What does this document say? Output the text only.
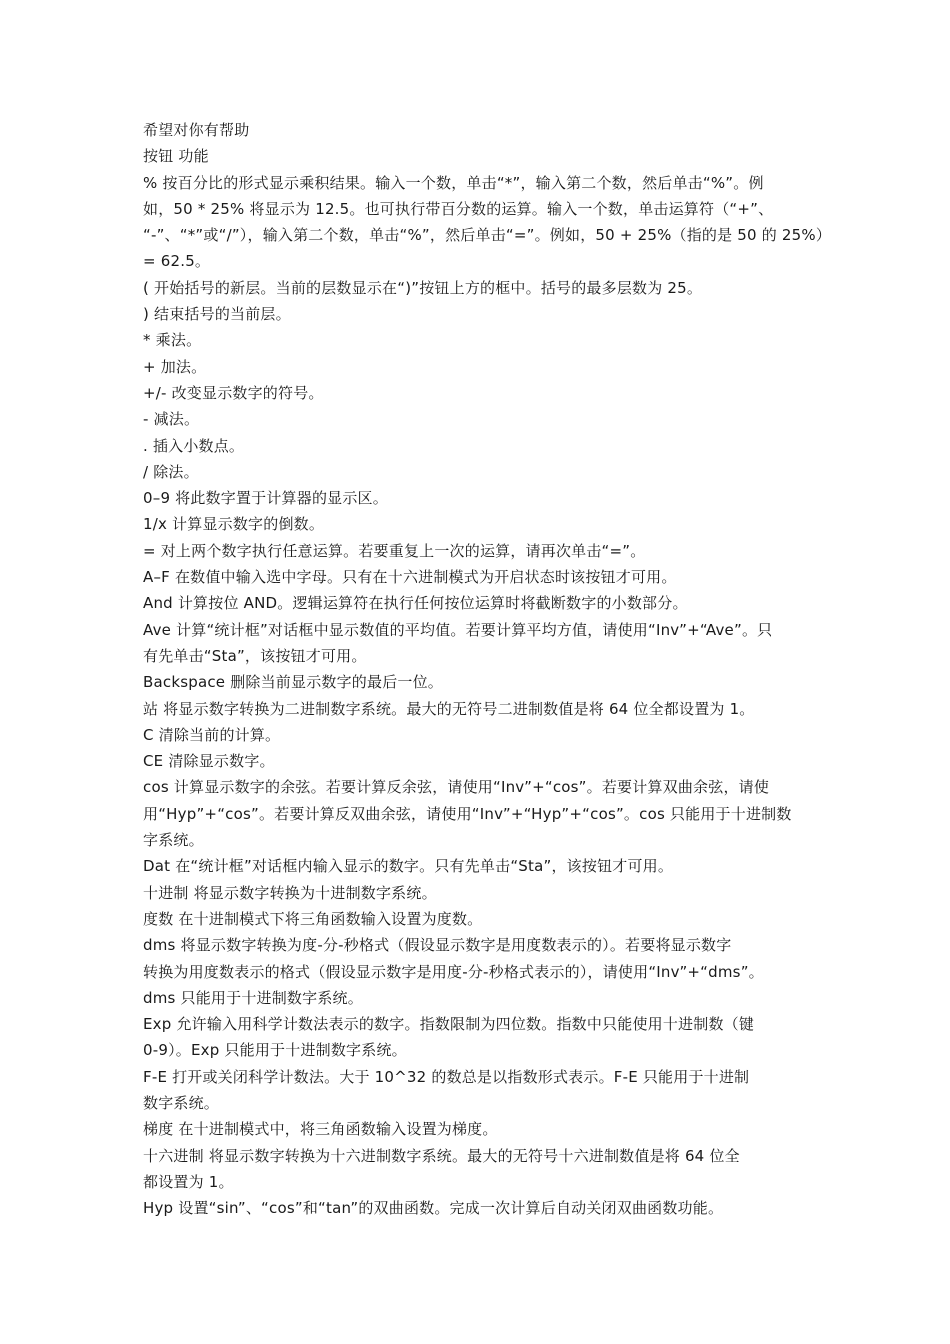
希望对你有帮助
按钮 功能
% 按百分比的形式显示乘积结果。输入一个数，单击“*”，输入第二个数，然后单击“%”。例
如，50 * 25% 将显示为 12.5。也可执行带百分数的运算。输入一个数，单击运算符（“+”、
“-”、“*”或“/”），输入第二个数，单击“%”，然后单击“=”。例如，50 + 25%（指的是 50 的 25%）
= 62.5。
( 开始括号的新层。当前的层数显示在“)”按钮上方的框中。括号的最多层数为 25。
) 结束括号的当前层。
* 乘法。
+ 加法。
+/- 改变显示数字的符号。
- 减法。
. 插入小数点。
/ 除法。
0–9 将此数字置于计算器的显示区。
1/x 计算显示数字的倒数。
= 对上两个数字执行任意运算。若要重复上一次的运算，请再次单击“=”。
A–F 在数值中输入选中字母。只有在十六进制模式为开启状态时该按钮才可用。
And 计算按位 AND。逻辑运算符在执行任何按位运算时将截断数字的小数部分。
Ave 计算“统计框”对话框中显示数值的平均值。若要计算平均方值，请使用“Inv”+“Ave”。只
有先单击“Sta”，该按钮才可用。
Backspace 删除当前显示数字的最后一位。
站 将显示数字转换为二进制数字系统。最大的无符号二进制数值是将 64 位全都设置为 1。
C 清除当前的计算。
CE 清除显示数字。
cos 计算显示数字的余弦。若要计算反余弦，请使用“Inv”+“cos”。若要计算双曲余弦，请使
用“Hyp”+“cos”。若要计算反双曲余弦，请使用“Inv”+“Hyp”+“cos”。cos 只能用于十进制数
字系统。
Dat 在“统计框”对话框内输入显示的数字。只有先单击“Sta”，该按钮才可用。
十进制 将显示数字转换为十进制数字系统。
度数 在十进制模式下将三角函数输入设置为度数。
dms 将显示数字转换为度-分-秒格式（假设显示数字是用度数表示的）。若要将显示数字
转换为用度数表示的格式（假设显示数字是用度-分-秒格式表示的），请使用“Inv”+“dms”。
dms 只能用于十进制数字系统。
Exp 允许输入用科学计数法表示的数字。指数限制为四位数。指数中只能使用十进制数（键
0-9）。Exp 只能用于十进制数字系统。
F-E 打开或关闭科学计数法。大于 10^32 的数总是以指数形式表示。F-E 只能用于十进制
数字系统。
梯度 在十进制模式中，将三角函数输入设置为梯度。
十六进制 将显示数字转换为十六进制数字系统。最大的无符号十六进制数值是将 64 位全
都设置为 1。
Hyp 设置“sin”、“cos”和“tan”的双曲函数。完成一次计算后自动关闭双曲函数功能。
